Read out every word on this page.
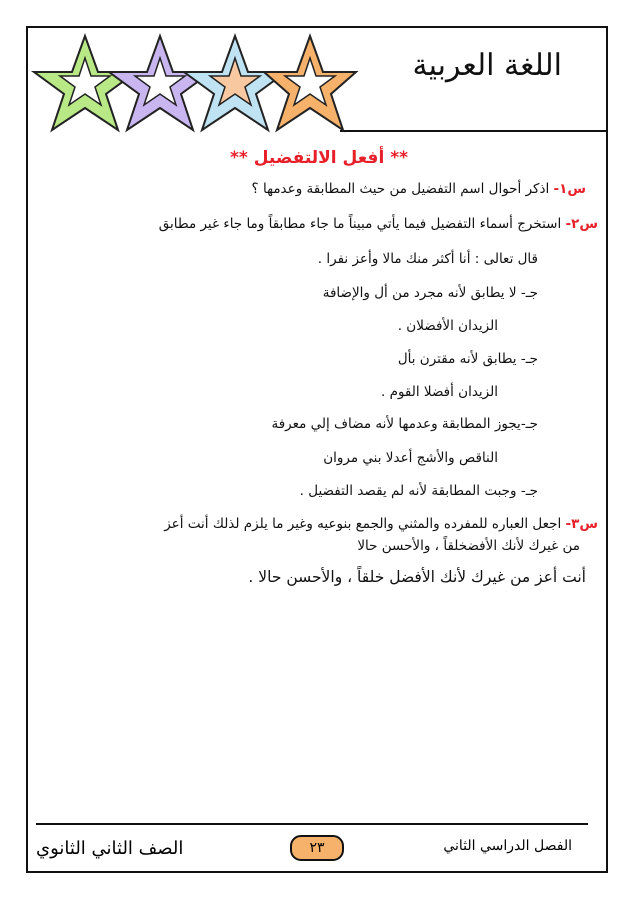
اللغة العربية
** أفعل الالتفضيل **
س١- اذكر أحوال اسم التفضيل من حيث المطابقة وعدمها ؟
س٢- استخرج أسماء التفضيل فيما يأتي مبيناً ما جاء مطابقاً وما جاء غير مطابق
قال تعالى : أنا أكثر منك مالا وأعز نفرا .
جـ- لا يطابق لأنه مجرد من أل والإضافة
الزيدان الأفضلان .
جـ- يطابق لأنه مقترن بأل
الزيدان أفضلا القوم .
جـ-يجوز المطابقة وعدمها لأنه مضاف إلي معرفة
الناقص والأشج أعدلا بني مروان
جـ- وجبت المطابقة لأنه لم يقصد التفضيل .
س٣- اجعل العباره للمفرده والمثني والجمع بنوعيه وغير ما يلزم لذلك أنت أعز
من غيرك لأنك الأفضخلقاً ، والأحسن حالا
أنت أعز من غيرك لأنك الأفضل خلقاً ، والأحسن حالا .
الصف الثاني الثانوي	٢٣	الفصل الدراسي الثاني
